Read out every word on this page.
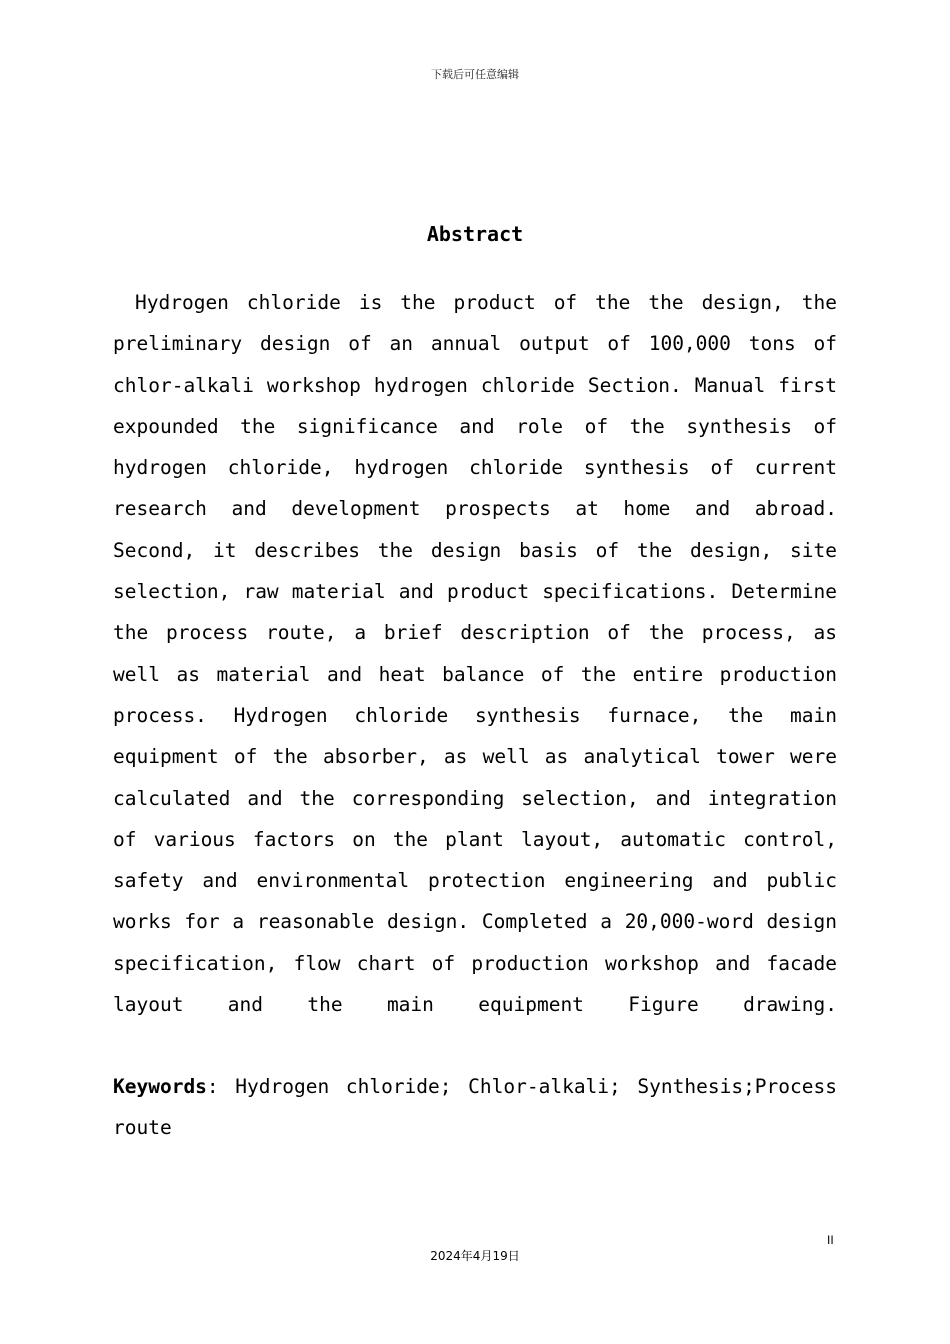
下载后可任意编辑
Abstract

Hydrogen chloride is the product of the the design, the preliminary design of an annual output of 100,000 tons of chlor-alkali workshop hydrogen chloride Section. Manual first expounded the significance and role of the synthesis of hydrogen chloride, hydrogen chloride synthesis of current research and development prospects at home and abroad. Second, it describes the design basis of the design, site selection, raw material and product specifications. Determine the process route, a brief description of the process, as well as material and heat balance of the entire production process. Hydrogen chloride synthesis furnace, the main equipment of the absorber, as well as analytical tower were calculated and the corresponding selection, and integration of various factors on the plant layout, automatic control, safety and environmental protection engineering and public works for a reasonable design. Completed a 20,000-word design specification, flow chart of production workshop and facade layout and the main equipment Figure drawing.

Keywords: Hydrogen chloride; Chlor-alkali; Synthesis;Process route

II
2024年4月19日
